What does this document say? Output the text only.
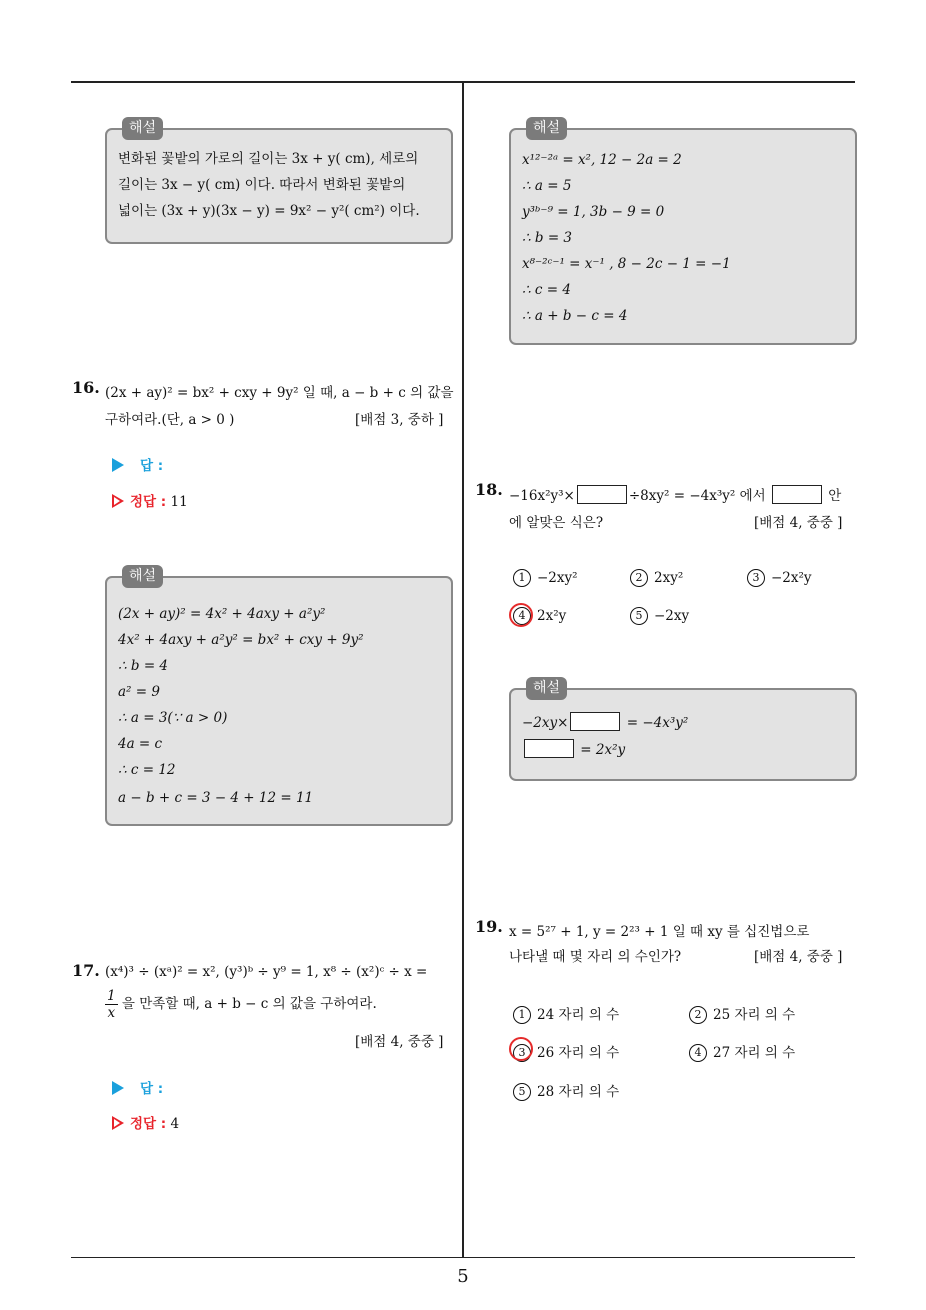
5
해설
변화된 꽃밭의 가로의 길이는 3x + y( cm), 세로의
길이는 3x − y( cm) 이다. 따라서 변화된 꽃밭의
넓이는 (3x + y)(3x − y) = 9x² − y²( cm²) 이다.
16. (2x + ay)² = bx² + cxy + 9y² 일 때, a − b + c 의 값을
구하여라.(단, a > 0 )	[배점 3, 중하 ]
답 :
정답 : 11
해설
(2x + ay)² = 4x² + 4axy + a²y²
4x² + 4axy + a²y² = bx² + cxy + 9y²
∴ b = 4
a² = 9
∴ a = 3(∵ a > 0)
4a = c
∴ c = 12
a − b + c = 3 − 4 + 12 = 11
17. (x⁴)³ ÷ (xᵃ)² = x², (y³)ᵇ ÷ y⁹ = 1, x⁸ ÷ (x²)ᶜ ÷ x =
$\frac{1}{x}$ 을 만족할 때, a + b − c 의 값을 구하여라.
[배점 4, 중중 ]
답 :
정답 : 4
해설
x¹²⁻²ᵃ = x², 12 − 2a = 2
∴ a = 5
y³ᵇ⁻⁹ = 1, 3b − 9 = 0
∴ b = 3
x⁸⁻²ᶜ⁻¹ = x⁻¹ , 8 − 2c − 1 = −1
∴ c = 4
∴ a + b − c = 4
18. −16x²y³×	÷8xy² = −4x³y² 에서	안
에 알맞은 식은?	[배점 4, 중중 ]
1 −2xy²	2 2xy²	3 −2x²y
4 2x²y	5 −2xy
해설
−2xy×	= −4x³y²
= 2x²y
19. x = 5²⁷ + 1, y = 2²³ + 1 일 때 xy 를 십진법으로
나타낼 때 몇 자리 의 수인가?	[배점 4, 중중 ]
1 24 자리 의 수	2 25 자리 의 수
3 26 자리 의 수	4 27 자리 의 수
5 28 자리 의 수
